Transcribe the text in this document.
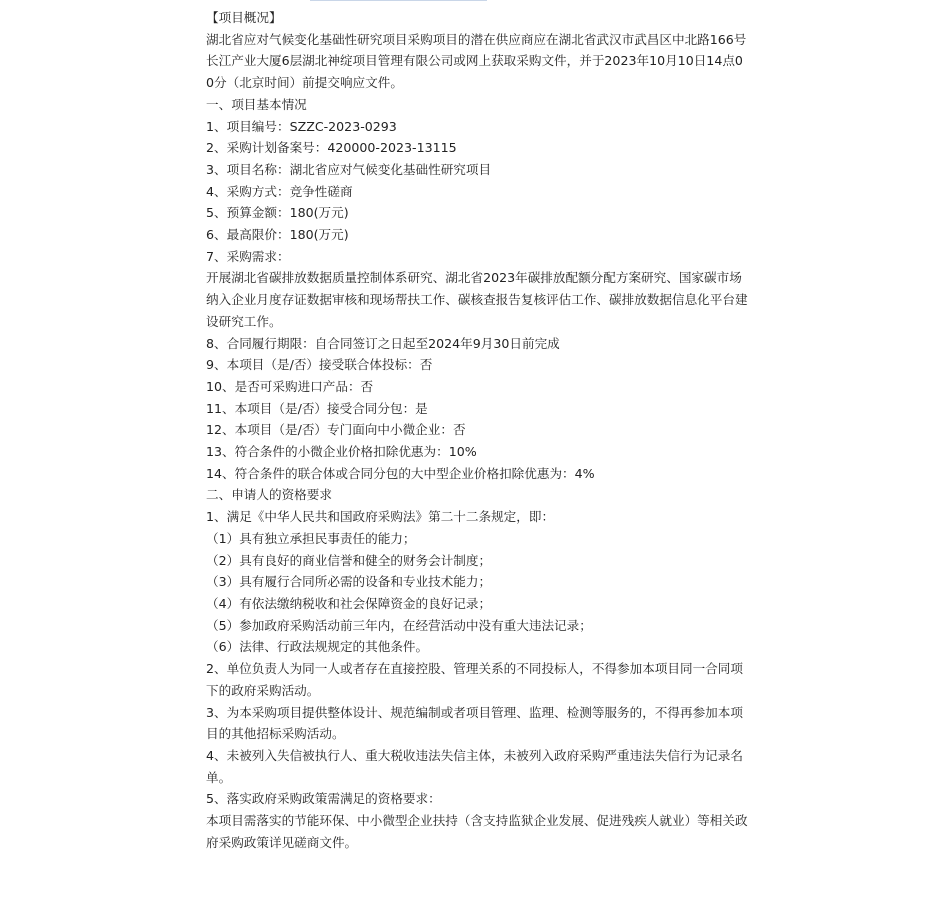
【项目概况】

湖北省应对气候变化基础性研究项目采购项目的潜在供应商应在湖北省武汉市武昌区中北路166号长江产业大厦6层湖北神绽项目管理有限公司或网上获取采购文件，并于2023年10月10日14点00分（北京时间）前提交响应文件。

一、项目基本情况

1、项目编号：SZZC-2023-0293

2、采购计划备案号：420000-2023-13115

3、项目名称：湖北省应对气候变化基础性研究项目

4、采购方式：竞争性磋商

5、预算金额：180(万元)

6、最高限价：180(万元)

7、采购需求：

开展湖北省碳排放数据质量控制体系研究、湖北省2023年碳排放配额分配方案研究、国家碳市场纳入企业月度存证数据审核和现场帮扶工作、碳核查报告复核评估工作、碳排放数据信息化平台建设研究工作。

8、合同履行期限：自合同签订之日起至2024年9月30日前完成

9、本项目（是/否）接受联合体投标：否

10、是否可采购进口产品：否

11、本项目（是/否）接受合同分包：是

12、本项目（是/否）专门面向中小微企业：否

13、符合条件的小微企业价格扣除优惠为：10%

14、符合条件的联合体或合同分包的大中型企业价格扣除优惠为：4%

二、申请人的资格要求

1、满足《中华人民共和国政府采购法》第二十二条规定，即：

（1）具有独立承担民事责任的能力；

（2）具有良好的商业信誉和健全的财务会计制度；

（3）具有履行合同所必需的设备和专业技术能力；

（4）有依法缴纳税收和社会保障资金的良好记录；

（5）参加政府采购活动前三年内，在经营活动中没有重大违法记录；

（6）法律、行政法规规定的其他条件。

2、单位负责人为同一人或者存在直接控股、管理关系的不同投标人，不得参加本项目同一合同项下的政府采购活动。

3、为本采购项目提供整体设计、规范编制或者项目管理、监理、检测等服务的，不得再参加本项目的其他招标采购活动。

4、未被列入失信被执行人、重大税收违法失信主体，未被列入政府采购严重违法失信行为记录名单。

5、落实政府采购政策需满足的资格要求：

本项目需落实的节能环保、中小微型企业扶持（含支持监狱企业发展、促进残疾人就业）等相关政府采购政策详见磋商文件。
